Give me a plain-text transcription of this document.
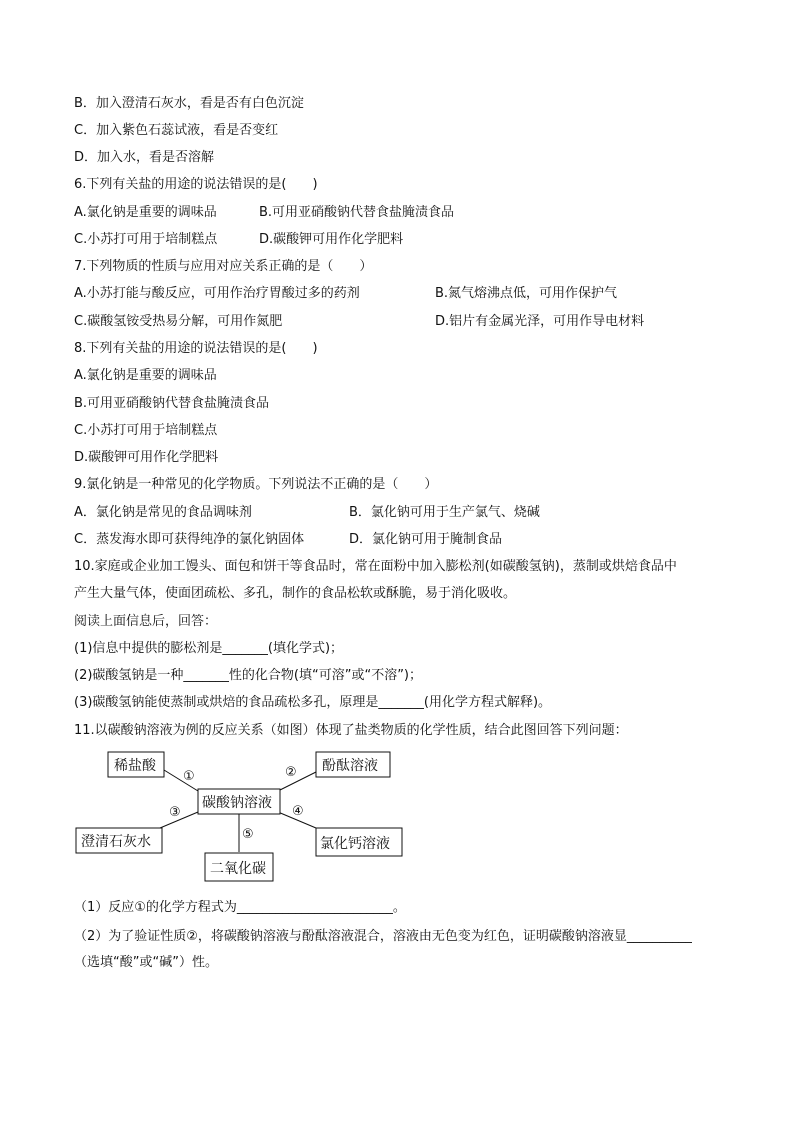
B．加入澄清石灰水，看是否有白色沉淀
C．加入紫色石蕊试液，看是否变红
D．加入水，看是否溶解
6.下列有关盐的用途的说法错误的是(　　)
A.氯化钠是重要的调味品	B.可用亚硝酸钠代替食盐腌渍食品
C.小苏打可用于培制糕点	D.碳酸钾可用作化学肥料
7.下列物质的性质与应用对应关系正确的是（　　）
A.小苏打能与酸反应，可用作治疗胃酸过多的药剂	B.氮气熔沸点低，可用作保护气
C.碳酸氢铵受热易分解，可用作氮肥	D.铝片有金属光泽，可用作导电材料
8.下列有关盐的用途的说法错误的是(　　)
A.氯化钠是重要的调味品
B.可用亚硝酸钠代替食盐腌渍食品
C.小苏打可用于培制糕点
D.碳酸钾可用作化学肥料
9.氯化钠是一种常见的化学物质。下列说法不正确的是（　　）
A．氯化钠是常见的食品调味剂	B．氯化钠可用于生产氯气、烧碱
C．蒸发海水即可获得纯净的氯化钠固体	D．氯化钠可用于腌制食品
10.家庭或企业加工馒头、面包和饼干等食品时，常在面粉中加入膨松剂(如碳酸氢钠)，蒸制或烘焙食品中
产生大量气体，使面团疏松、多孔，制作的食品松软或酥脆，易于消化吸收。
阅读上面信息后，回答：
(1)信息中提供的膨松剂是_______(填化学式)；
(2)碳酸氢钠是一种_______性的化合物(填“可溶”或“不溶”)；
(3)碳酸氢钠能使蒸制或烘焙的食品疏松多孔，原理是_______(用化学方程式解释)。
11.以碳酸钠溶液为例的反应关系（如图）体现了盐类物质的化学性质，结合此图回答下列问题：
稀盐酸	酚酞溶液
碳酸钠溶液
澄清石灰水	氯化钙溶液
二氧化碳
①	②
③	④
⑤
（1）反应①的化学方程式为________________________。
（2）为了验证性质②，将碳酸钠溶液与酚酞溶液混合，溶液由无色变为红色，证明碳酸钠溶液显__________
（选填“酸”或“碱”）性。
